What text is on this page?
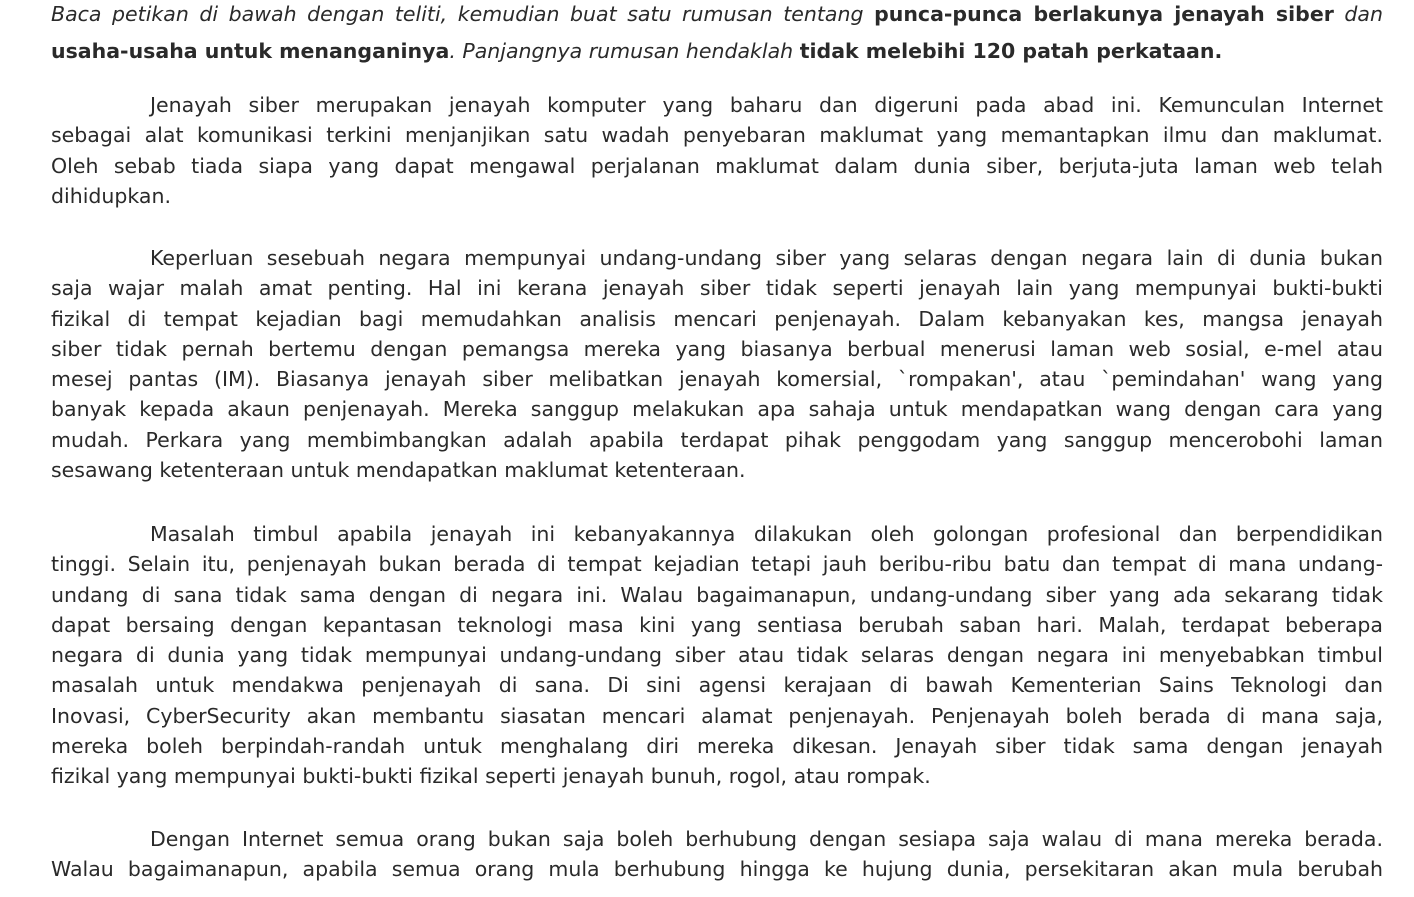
Baca petikan di bawah dengan teliti, kemudian buat satu rumusan tentang punca-punca berlakunya jenayah siber dan
usaha-usaha untuk menanganinya. Panjangnya rumusan hendaklah tidak melebihi 120 patah perkataan.
Jenayah siber merupakan jenayah komputer yang baharu dan digeruni pada abad ini. Kemunculan Internet
sebagai alat komunikasi terkini menjanjikan satu wadah penyebaran maklumat yang memantapkan ilmu dan maklumat.
Oleh sebab tiada siapa yang dapat mengawal perjalanan maklumat dalam dunia siber, berjuta-juta laman web telah
dihidupkan.
Keperluan sesebuah negara mempunyai undang-undang siber yang selaras dengan negara lain di dunia bukan
saja wajar malah amat penting. Hal ini kerana jenayah siber tidak seperti jenayah lain yang mempunyai bukti-bukti
fizikal di tempat kejadian bagi memudahkan analisis mencari penjenayah. Dalam kebanyakan kes, mangsa jenayah
siber tidak pernah bertemu dengan pemangsa mereka yang biasanya berbual menerusi laman web sosial, e-mel atau
mesej pantas (IM). Biasanya jenayah siber melibatkan jenayah komersial, `rompakan', atau `pemindahan' wang yang
banyak kepada akaun penjenayah. Mereka sanggup melakukan apa sahaja untuk mendapatkan wang dengan cara yang
mudah. Perkara yang membimbangkan adalah apabila terdapat pihak penggodam yang sanggup mencerobohi laman
sesawang ketenteraan untuk mendapatkan maklumat ketenteraan.
Masalah timbul apabila jenayah ini kebanyakannya dilakukan oleh golongan profesional dan berpendidikan
tinggi. Selain itu, penjenayah bukan berada di tempat kejadian tetapi jauh beribu-ribu batu dan tempat di mana undang-
undang di sana tidak sama dengan di negara ini. Walau bagaimanapun, undang-undang siber yang ada sekarang tidak
dapat bersaing dengan kepantasan teknologi masa kini yang sentiasa berubah saban hari. Malah, terdapat beberapa
negara di dunia yang tidak mempunyai undang-undang siber atau tidak selaras dengan negara ini menyebabkan timbul
masalah untuk mendakwa penjenayah di sana. Di sini agensi kerajaan di bawah Kementerian Sains Teknologi dan
Inovasi, CyberSecurity akan membantu siasatan mencari alamat penjenayah. Penjenayah boleh berada di mana saja,
mereka boleh berpindah-randah untuk menghalang diri mereka dikesan. Jenayah siber tidak sama dengan jenayah
fizikal yang mempunyai bukti-bukti fizikal seperti jenayah bunuh, rogol, atau rompak.
Dengan Internet semua orang bukan saja boleh berhubung dengan sesiapa saja walau di mana mereka berada.
Walau bagaimanapun, apabila semua orang mula berhubung hingga ke hujung dunia, persekitaran akan mula berubah
